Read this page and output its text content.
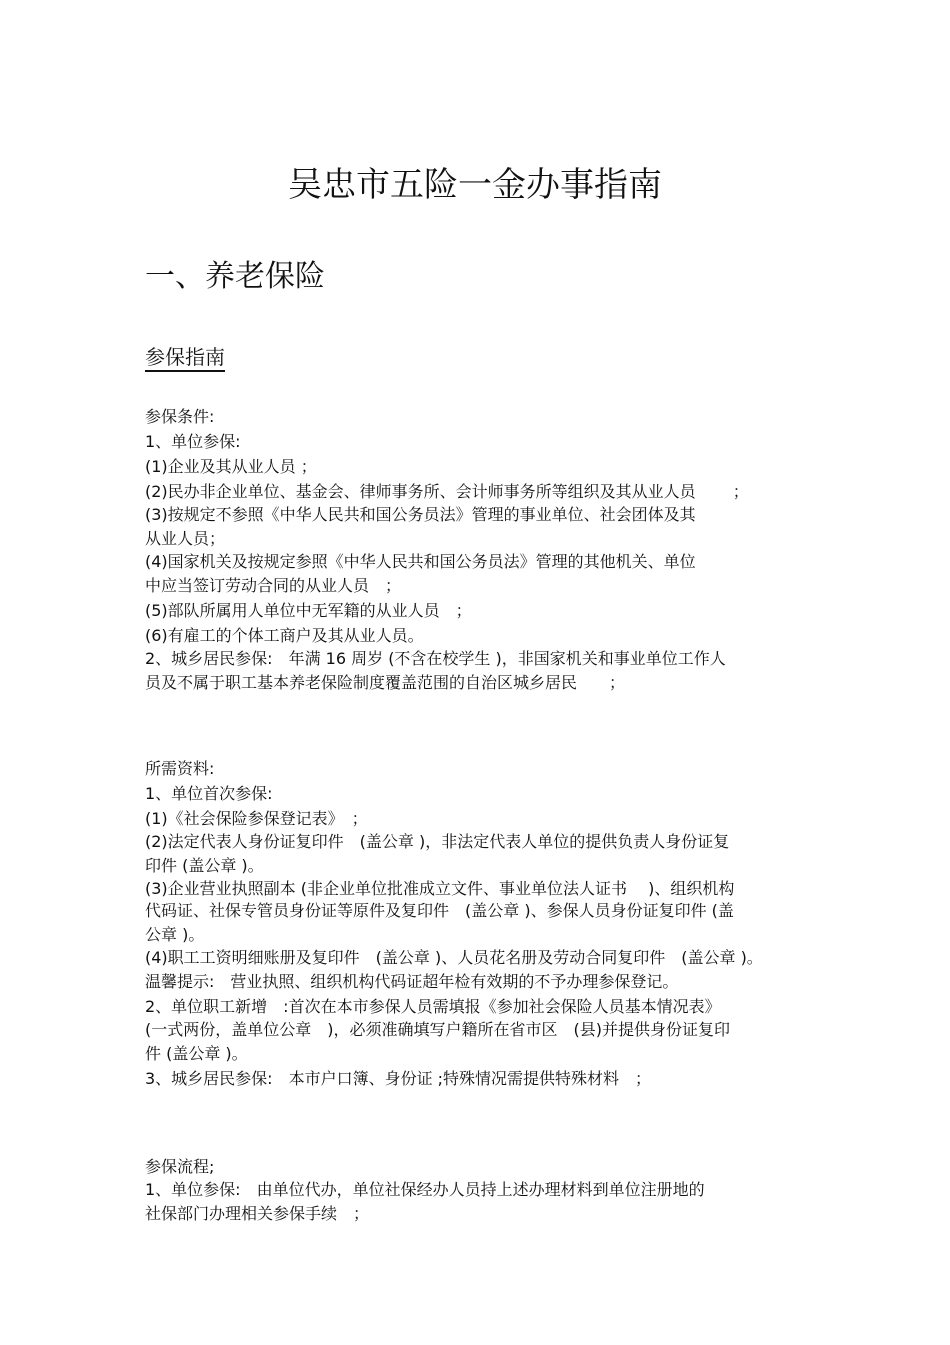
吴忠市五险一金办事指南
一、养老保险
参保指南

参保条件:

1、单位参保:

(1)企业及其从业人员 ；

(2)民办非企业单位、基金会、律师事务所、会计师事务所等组织及其从业人员　　 ；

(3)按规定不参照《中华人民共和国公务员法》管理的事业单位、社会团体及其

从业人员；

(4)国家机关及按规定参照《中华人民共和国公务员法》管理的其他机关、单位

中应当签订劳动合同的从业人员　；

(5)部队所属用人单位中无军籍的从业人员　；

(6)有雇工的个体工商户及其从业人员。

2、城乡居民参保:　年满 16 周岁 (不含在校学生 )，非国家机关和事业单位工作人

员及不属于职工基本养老保险制度覆盖范围的自治区城乡居民　　；

所需资料:

1、单位首次参保:

(1)《社会保险参保登记表》　；

(2)法定代表人身份证复印件　(盖公章 )，非法定代表人单位的提供负责人身份证复

印件 (盖公章 )。

(3)企业营业执照副本 (非企业单位批准成立文件、事业单位法人证书　 )、组织机构

代码证、社保专管员身份证等原件及复印件　(盖公章 )、参保人员身份证复印件 (盖

公章 )。

(4)职工工资明细账册及复印件　(盖公章 )、人员花名册及劳动合同复印件　(盖公章 )。

温馨提示:　营业执照、组织机构代码证超年检有效期的不予办理参保登记。

2、单位职工新增　:首次在本市参保人员需填报《参加社会保险人员基本情况表》

(一式两份，盖单位公章　)，必须准确填写户籍所在省市区　(县)并提供身份证复印

件 (盖公章 )。

3、城乡居民参保:　本市户口簿、身份证 ;特殊情况需提供特殊材料　；

参保流程;

1、单位参保:　由单位代办，单位社保经办人员持上述办理材料到单位注册地的

社保部门办理相关参保手续　；
